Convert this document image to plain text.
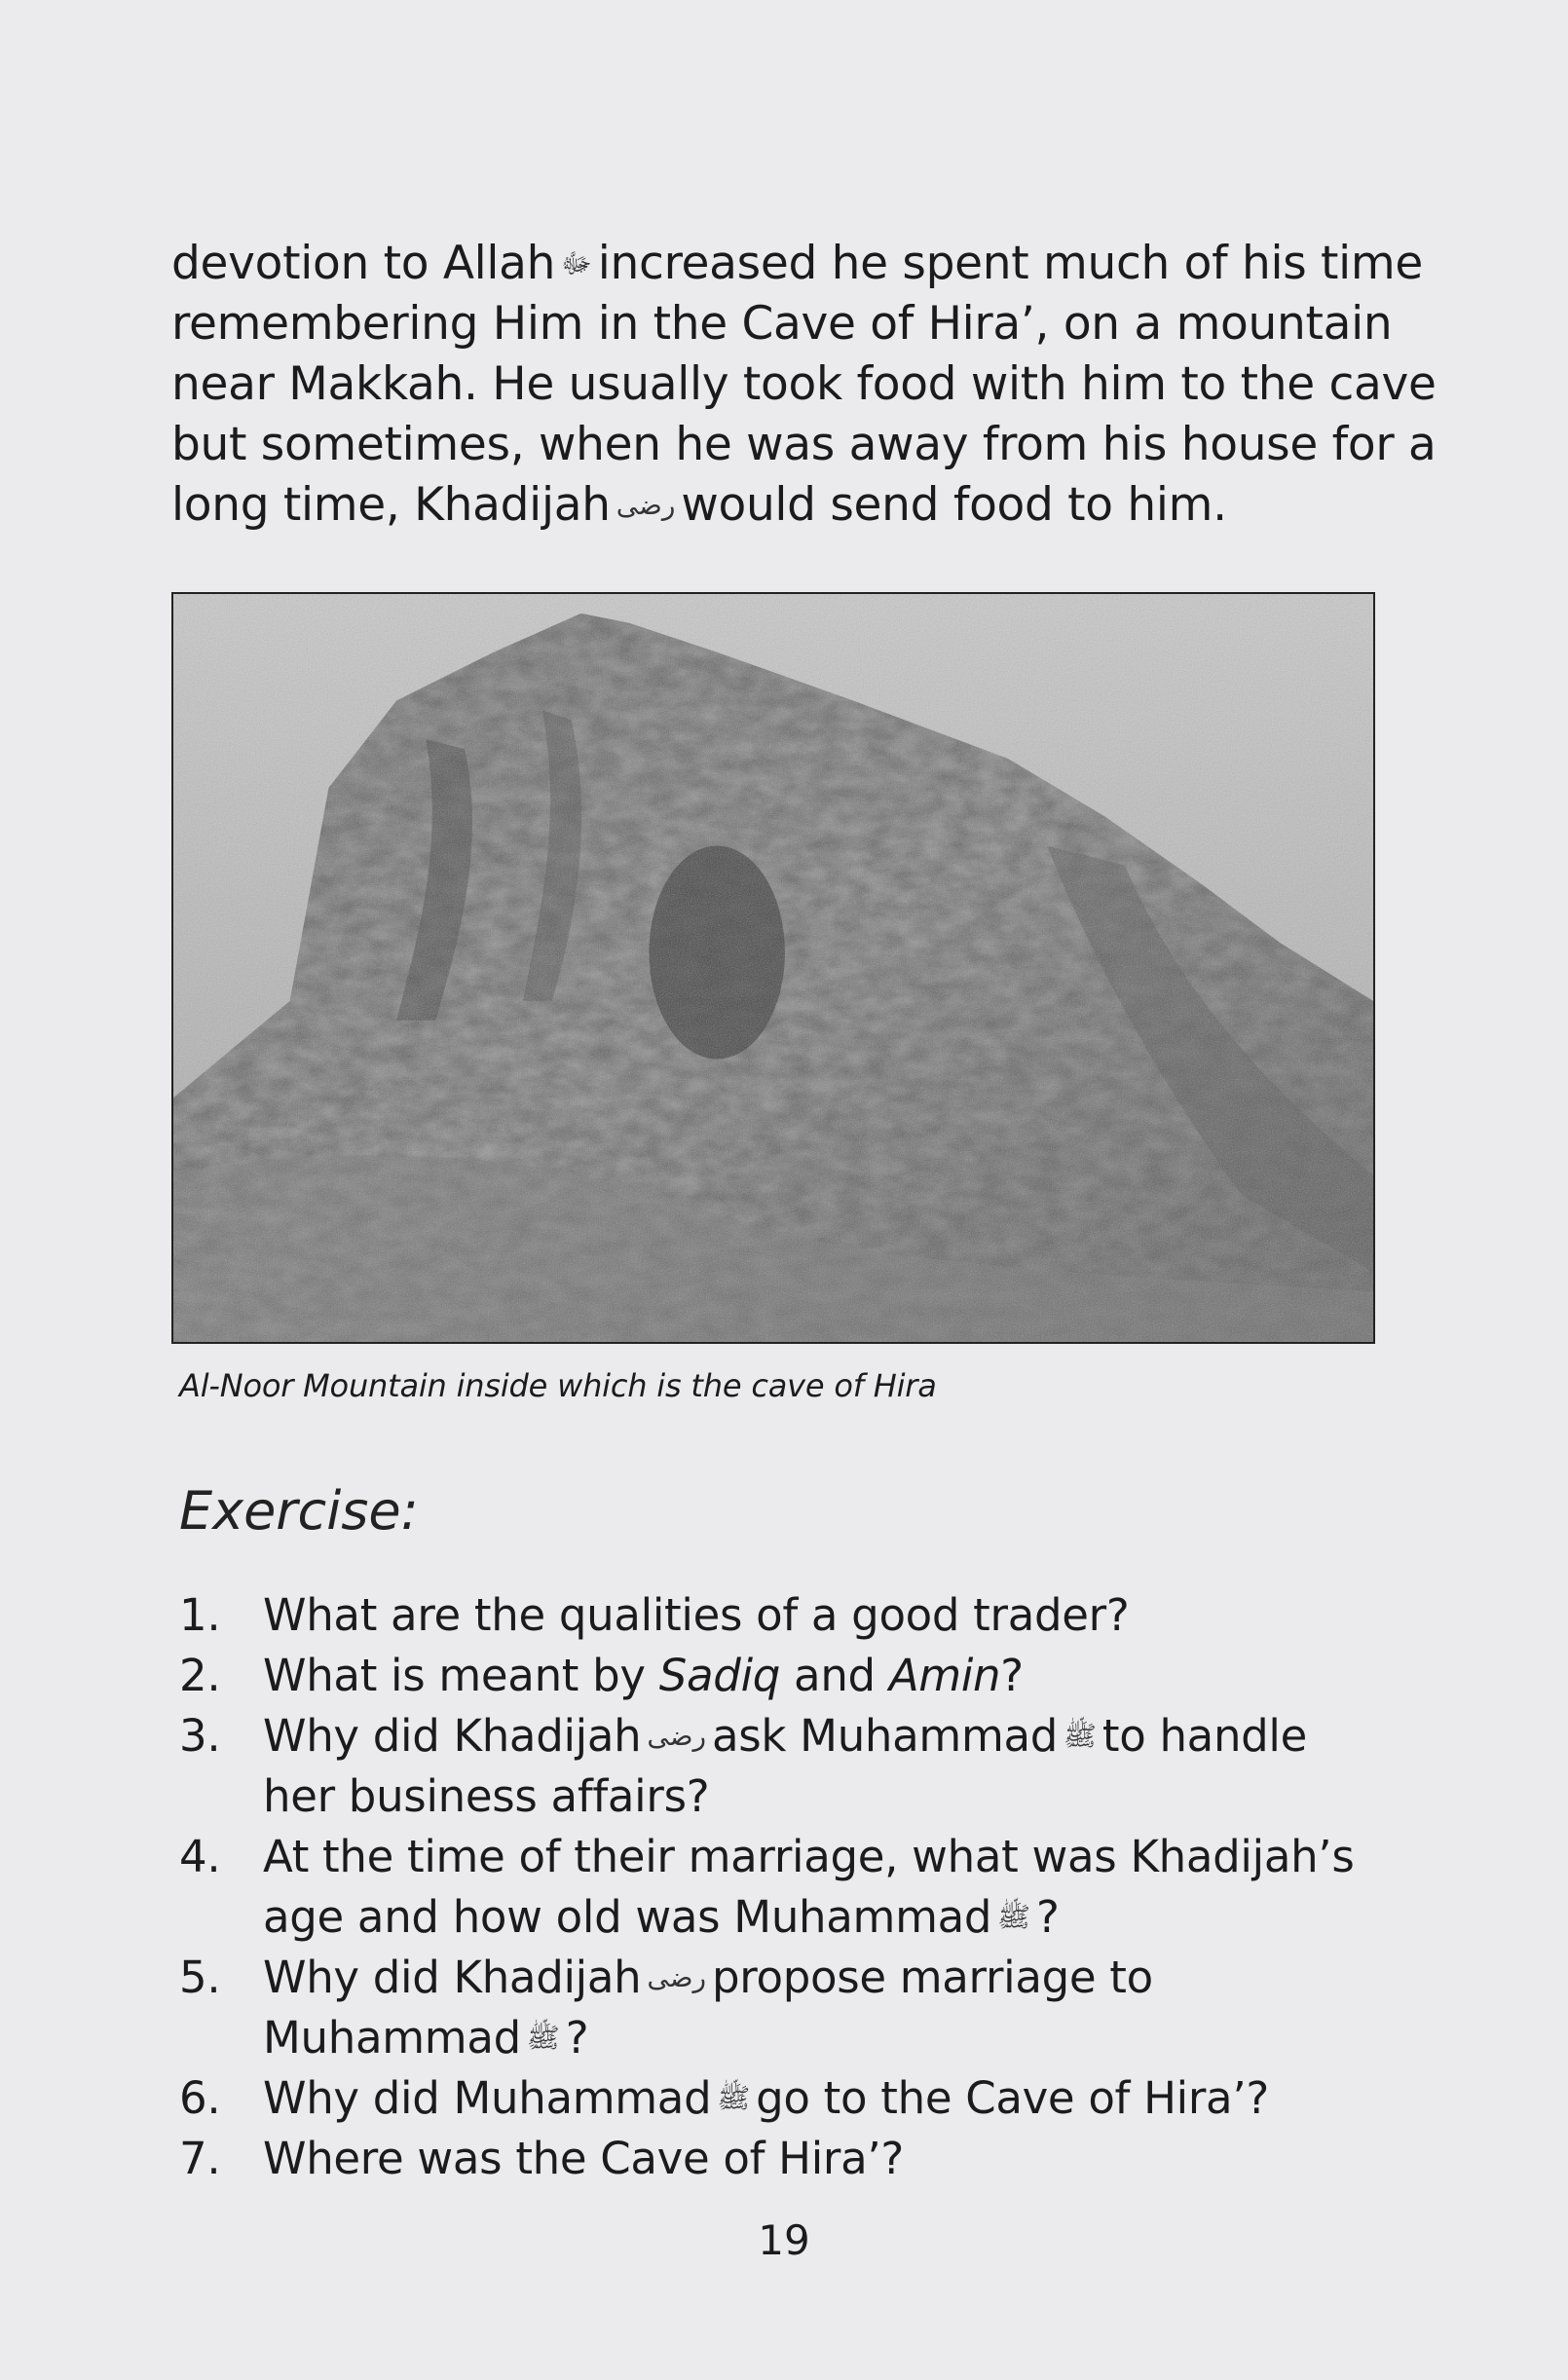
devotion to Allah ﷻ increased he spent much of his time
remembering Him in the Cave of Hira’, on a mountain
near Makkah. He usually took food with him to the cave
but sometimes, when he was away from his house for a
long time, Khadijah رضى would send food to him.
Al-Noor Mountain inside which is the cave of Hira
Exercise:
1. What are the qualities of a good trader?
2. What is meant by Sadiq and Amin?
3. Why did Khadijah رضى ask Muhammad ﷺ to handle
her business affairs?
4. At the time of their marriage, what was Khadijah’s
age and how old was Muhammad ﷺ ?
5. Why did Khadijah رضى propose marriage to
Muhammad ﷺ ?
6. Why did Muhammad ﷺ go to the Cave of Hira’?
7. Where was the Cave of Hira’?
19
